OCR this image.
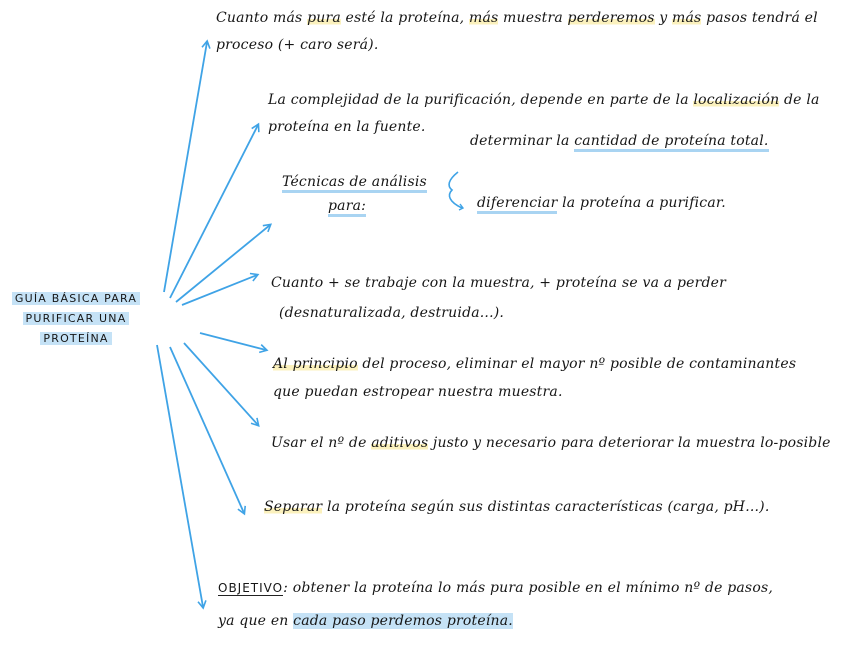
GUÍA BÁSICA PARA
PURIFICAR UNA
PROTEÍNA
Cuanto más pura esté la proteína, más muestra perderemos y más pasos tendrá el
proceso (+ caro será).
La complejidad de la purificación, depende en parte de la localización de la
proteína en la fuente.
Técnicas de análisis
para:
determinar la cantidad de proteína total.
diferenciar la proteína a purificar.
Cuanto + se trabaje con la muestra, + proteína se va a perder
(desnaturalizada, destruida...).
Al principio del proceso, eliminar el mayor nº posible de contaminantes
que puedan estropear nuestra muestra.
Usar el nº de aditivos justo y necesario para deteriorar la muestra lo-posible
Separar la proteína según sus distintas características (carga, pH...).
OBJETIVO: obtener la proteína lo más pura posible en el mínimo nº de pasos,
ya que en cada paso perdemos proteína.
